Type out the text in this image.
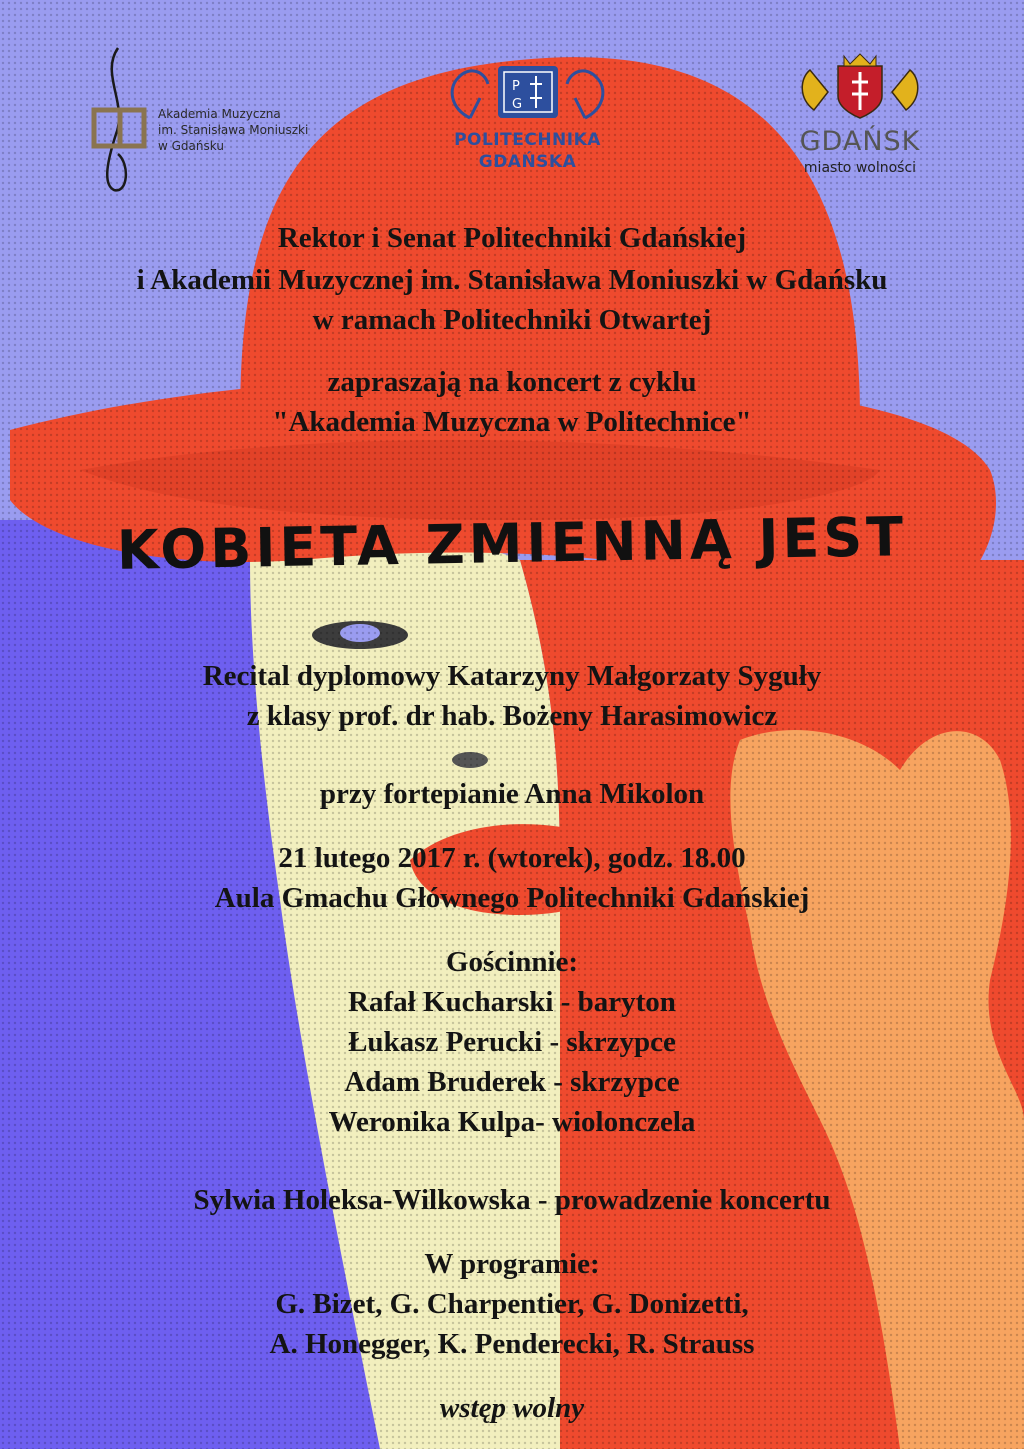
Akademia Muzyczna
im. Stanisława Moniuszki
w Gdańsku
P
G
POLITECHNIKA
GDAŃSKA
GDAŃSK
miasto wolności
Rektor i Senat Politechniki Gdańskiej
i Akademii Muzycznej im. Stanisława Moniuszki w Gdańsku
w ramach Politechniki Otwartej
zapraszają na koncert z cyklu
"Akademia Muzyczna w Politechnice"
KOBIETA ZMIENNĄ JEST
Recital dyplomowy Katarzyny Małgorzaty Syguły
z klasy prof. dr hab. Bożeny Harasimowicz
przy fortepianie Anna Mikolon
21 lutego 2017 r. (wtorek), godz. 18.00
Aula Gmachu Głównego Politechniki Gdańskiej
Gościnnie:
Rafał Kucharski - baryton
Łukasz Perucki - skrzypce
Adam Bruderek - skrzypce
Weronika Kulpa- wiolonczela
Sylwia Holeksa-Wilkowska - prowadzenie koncertu
W programie:
G. Bizet, G. Charpentier, G. Donizetti,
A. Honegger, K. Penderecki, R. Strauss
wstęp wolny
